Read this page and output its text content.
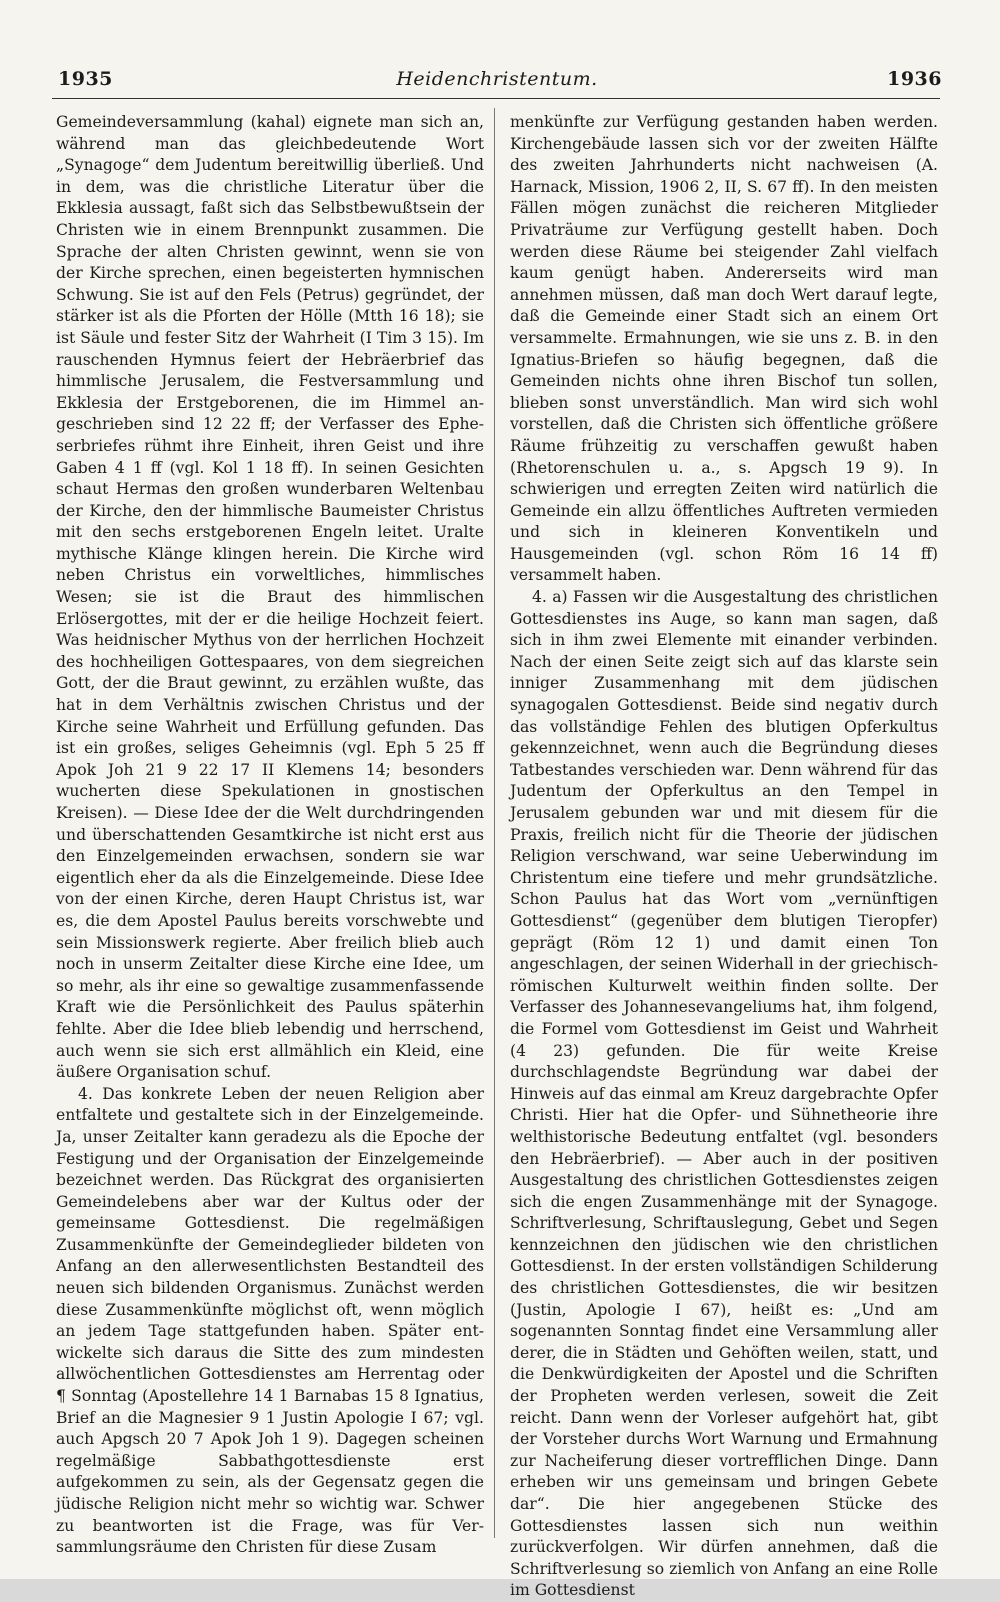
1935	Heidenchristentum.	1936

Gemeindeversammlung (kahal) eignete man sich an, während man das gleichbedeutende Wort „Synagoge“ dem Judentum bereitwillig überließ. Und in dem, was die christliche Literatur über die Ekklesia aussagt, faßt sich das Selbstbewußtsein der Christen wie in einem Brennpunkt zusammen. Die Sprache der alten Christen gewinnt, wenn sie von der Kirche sprechen, einen begeisterten hymnischen Schwung. Sie ist auf den Fels (Petrus) gegründet, der stärker ist als die Pforten der Hölle (Mtth 16 18); sie ist Säule und fester Sitz der Wahrheit (I Tim 3 15). Im rauschenden Hymnus feiert der Hebräerbrief das himmlische Jerusalem, die Festversammlung und Ekklesia der Erstgeborenen, die im Himmel angeschrieben sind 12 22 ff; der Verfasser des Epheserbriefes rühmt ihre Einheit, ihren Geist und ihre Gaben 4 1 ff (vgl. Kol 1 18 ff). In seinen Gesichten schaut Hermas den großen wunderbaren Weltenbau der Kirche, den der himmlische Baumeister Christus mit den sechs erstgeborenen Engeln leitet. Uralte mythische Klänge klingen herein. Die Kirche wird neben Christus ein vorweltliches, himmlisches Wesen; sie ist die Braut des himmlischen Erlösergottes, mit der er die heilige Hochzeit feiert. Was heidnischer Mythus von der herrlichen Hochzeit des hochheiligen Gottespaares, von dem siegreichen Gott, der die Braut gewinnt, zu erzählen wußte, das hat in dem Verhältnis zwischen Christus und der Kirche seine Wahrheit und Erfüllung gefunden. Das ist ein großes, seliges Geheimnis (vgl. Eph 5 25 ff Apok Joh 21 9 22 17 II Klemens 14; besonders wucherten diese Spekulationen in gnostischen Kreisen). — Diese Idee der die Welt durchdringenden und überschattenden Gesamtkirche ist nicht erst aus den Einzelgemeinden erwachsen, sondern sie war eigentlich eher da als die Einzelgemeinde. Diese Idee von der einen Kirche, deren Haupt Christus ist, war es, die dem Apostel Paulus bereits vorschwebte und sein Missionswerk regierte. Aber freilich blieb auch noch in unserm Zeitalter diese Kirche eine Idee, um so mehr, als ihr eine so gewaltige zusammenfassende Kraft wie die Persönlichkeit des Paulus späterhin fehlte. Aber die Idee blieb lebendig und herrschend, auch wenn sie sich erst allmählich ein Kleid, eine äußere Organisation schuf.

4. Das konkrete Leben der neuen Religion aber entfaltete und gestaltete sich in der Einzelgemeinde. Ja, unser Zeitalter kann geradezu als die Epoche der Festigung und der Organisation der Einzelgemeinde bezeichnet werden. Das Rückgrat des organisierten Gemeindelebens aber war der Kultus oder der gemeinsame Gottesdienst. Die regelmäßigen Zusammenkünfte der Gemeindeglieder bildeten von Anfang an den allerwesentlichsten Bestandteil des neuen sich bildenden Organismus. Zunächst werden diese Zusammenkünfte möglichst oft, wenn möglich an jedem Tage stattgefunden haben. Später entwickelte sich daraus die Sitte des zum mindesten allwöchentlichen Gottesdienstes am Herrentag oder ¶ Sonntag (Apostellehre 14 1 Barnabas 15 8 Ignatius, Brief an die Magnesier 9 1 Justin Apologie I 67; vgl. auch Apgsch 20 7 Apok Joh 1 9). Dagegen scheinen regelmäßige Sabbathgottesdienste erst aufgekommen zu sein, als der Gegensatz gegen die jüdische Religion nicht mehr so wichtig war. Schwer zu beantworten ist die Frage, was für Versammlungsräume den Christen für diese Zusam

menkünfte zur Verfügung gestanden haben werden. Kirchengebäude lassen sich vor der zweiten Hälfte des zweiten Jahrhunderts nicht nachweisen (A. Harnack, Mission, 1906 2, II, S. 67 ff). In den meisten Fällen mögen zunächst die reicheren Mitglieder Privaträume zur Verfügung gestellt haben. Doch werden diese Räume bei steigender Zahl vielfach kaum genügt haben. Andererseits wird man annehmen müssen, daß man doch Wert darauf legte, daß die Gemeinde einer Stadt sich an einem Ort versammelte. Ermahnungen, wie sie uns z. B. in den Ignatius-Briefen so häufig begegnen, daß die Gemeinden nichts ohne ihren Bischof tun sollen, blieben sonst unverständlich. Man wird sich wohl vorstellen, daß die Christen sich öffentliche größere Räume frühzeitig zu verschaffen gewußt haben (Rhetorenschulen u. a., s. Apgsch 19 9). In schwierigen und erregten Zeiten wird natürlich die Gemeinde ein allzu öffentliches Auftreten vermieden und sich in kleineren Konventikeln und Hausgemeinden (vgl. schon Röm 16 14 ff) versammelt haben.

4. a) Fassen wir die Ausgestaltung des christlichen Gottesdienstes ins Auge, so kann man sagen, daß sich in ihm zwei Elemente mit einander verbinden. Nach der einen Seite zeigt sich auf das klarste sein inniger Zusammenhang mit dem jüdischen synagogalen Gottesdienst. Beide sind negativ durch das vollständige Fehlen des blutigen Opferkultus gekennzeichnet, wenn auch die Begründung dieses Tatbestandes verschieden war. Denn während für das Judentum der Opferkultus an den Tempel in Jerusalem gebunden war und mit diesem für die Praxis, freilich nicht für die Theorie der jüdischen Religion verschwand, war seine Ueberwindung im Christentum eine tiefere und mehr grundsätzliche. Schon Paulus hat das Wort vom „vernünftigen Gottesdienst“ (gegenüber dem blutigen Tieropfer) geprägt (Röm 12 1) und damit einen Ton angeschlagen, der seinen Widerhall in der griechisch-römischen Kulturwelt weithin finden sollte. Der Verfasser des Johannesevangeliums hat, ihm folgend, die Formel vom Gottesdienst im Geist und Wahrheit (4 23) gefunden. Die für weite Kreise durchschlagendste Begründung war dabei der Hinweis auf das einmal am Kreuz dargebrachte Opfer Christi. Hier hat die Opfer- und Sühnetheorie ihre welthistorische Bedeutung entfaltet (vgl. besonders den Hebräerbrief). — Aber auch in der positiven Ausgestaltung des christlichen Gottesdienstes zeigen sich die engen Zusammenhänge mit der Synagoge. Schriftverlesung, Schriftauslegung, Gebet und Segen kennzeichnen den jüdischen wie den christlichen Gottesdienst. In der ersten vollständigen Schilderung des christlichen Gottesdienstes, die wir besitzen (Justin, Apologie I 67), heißt es: „Und am sogenannten Sonntag findet eine Versammlung aller derer, die in Städten und Gehöften weilen, statt, und die Denkwürdigkeiten der Apostel und die Schriften der Propheten werden verlesen, soweit die Zeit reicht. Dann wenn der Vorleser aufgehört hat, gibt der Vorsteher durchs Wort Warnung und Ermahnung zur Nacheiferung dieser vortrefflichen Dinge. Dann erheben wir uns gemeinsam und bringen Gebete dar“. Die hier angegebenen Stücke des Gottesdienstes lassen sich nun weithin zurückverfolgen. Wir dürfen annehmen, daß die Schriftverlesung so ziemlich von Anfang an eine Rolle im Gottesdienst
